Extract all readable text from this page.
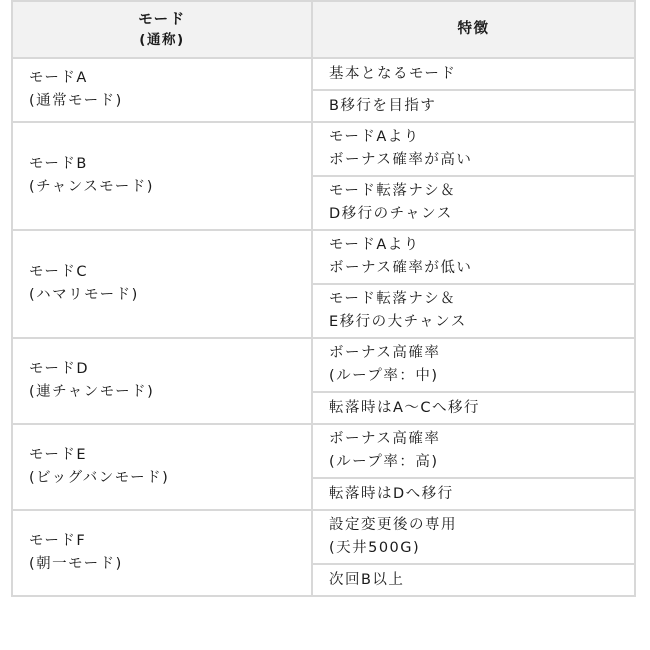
モード
(通称)	特徴

モードA
(通常モード)	基本となるモード

	B移行を目指す

モードB
(チャンスモード)	モードAより
ボーナス確率が高い

	モード転落ナシ＆
D移行のチャンス

モードC
(ハマリモード)	モードAより
ボーナス確率が低い

	モード転落ナシ＆
E移行の大チャンス

モードD
(連チャンモード)	ボーナス高確率
(ループ率：中)

	転落時はA～Cへ移行

モードE
(ビッグバンモード)	ボーナス高確率
(ループ率：高)

	転落時はDへ移行

モードF
(朝一モード)	設定変更後の専用
(天井500G)

	次回B以上
